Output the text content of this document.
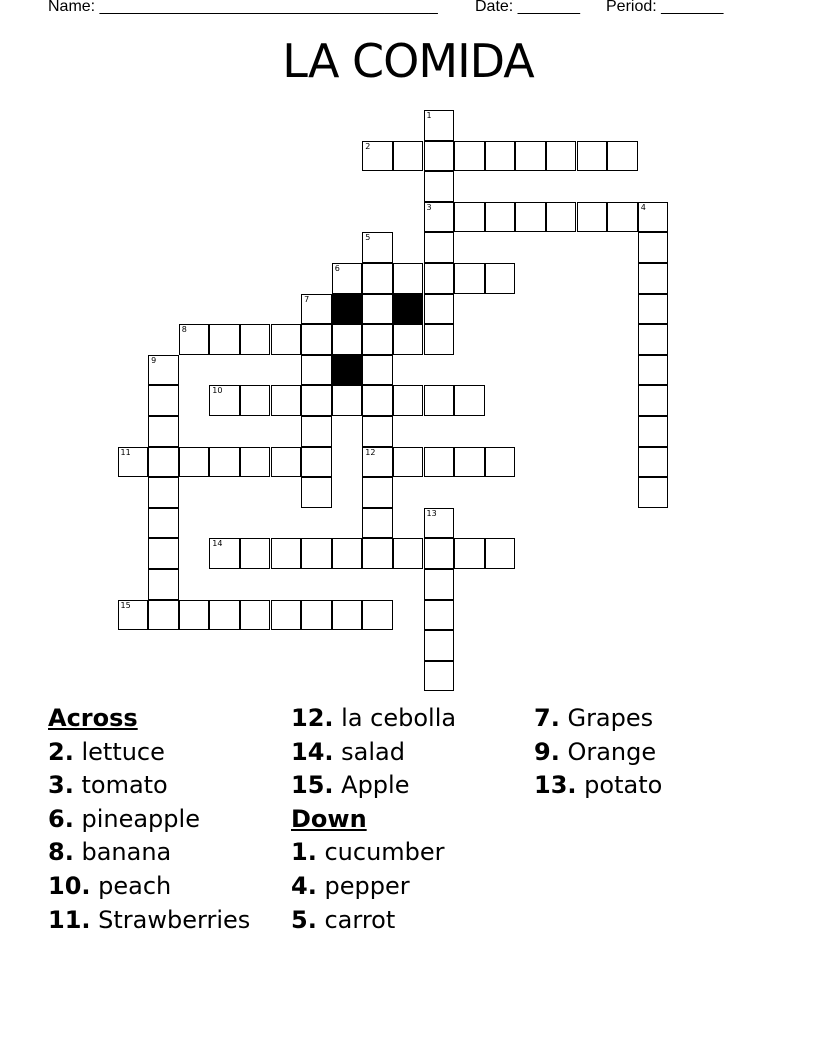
Name: ______________________________________ Date: _______ Period: _______
LA COMIDA
1
3
2
4
5
12
6
7
8
9
10
11
13
14
15
Across
2. lettuce
3. tomato
6. pineapple
8. banana
10. peach
11. Strawberries
12. la cebolla
14. salad
15. Apple
Down
1. cucumber
4. pepper
5. carrot
7. Grapes
9. Orange
13. potato
